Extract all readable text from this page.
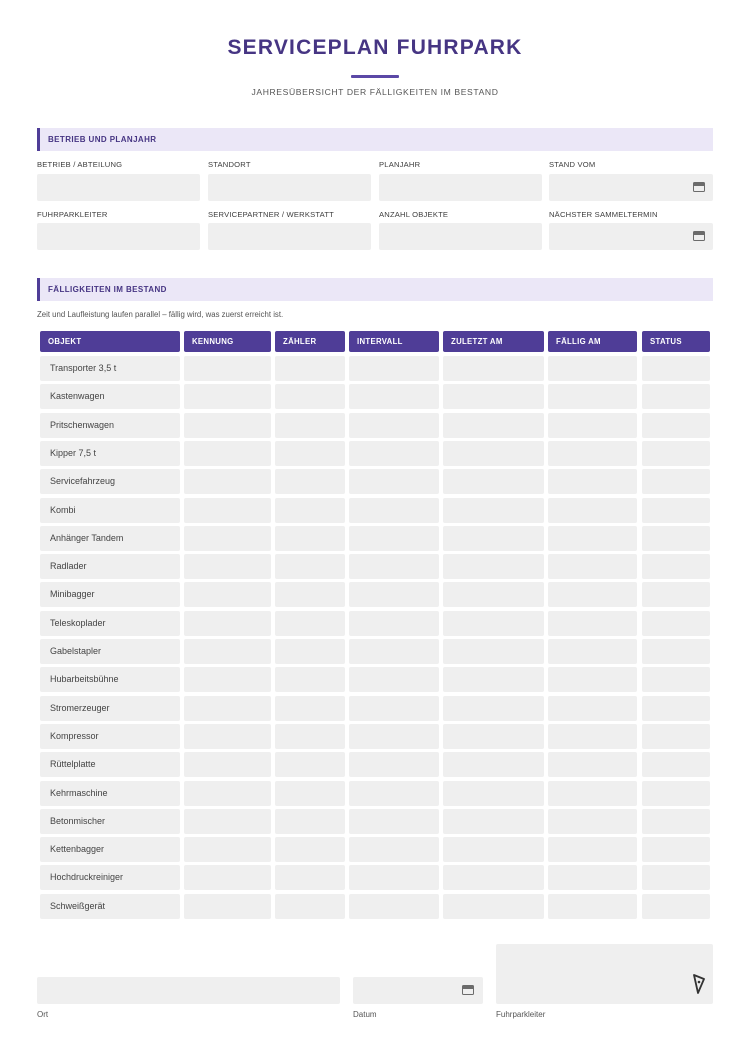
SERVICEPLAN FUHRPARK
JAHRESÜBERSICHT DER FÄLLIGKEITEN IM BESTAND
BETRIEB UND PLANJAHR
BETRIEB / ABTEILUNG	STANDORT	PLANJAHR	STAND VOM
FUHRPARKLEITER	SERVICEPARTNER / WERKSTATT	ANZAHL OBJEKTE	NÄCHSTER SAMMELTERMIN
FÄLLIGKEITEN IM BESTAND
Zeit und Laufleistung laufen parallel – fällig wird, was zuerst erreicht ist.
OBJEKT	KENNUNG	ZÄHLER	INTERVALL	ZULETZT AM	FÄLLIG AM	STATUS
Transporter 3,5 t
Kastenwagen
Pritschenwagen
Kipper 7,5 t
Servicefahrzeug
Kombi
Anhänger Tandem
Radlader
Minibagger
Teleskoplader
Gabelstapler
Hubarbeitsbühne
Stromerzeuger
Kompressor
Rüttelplatte
Kehrmaschine
Betonmischer
Kettenbagger
Hochdruckreiniger
Schweißgerät
Ort	Datum	Fuhrparkleiter
